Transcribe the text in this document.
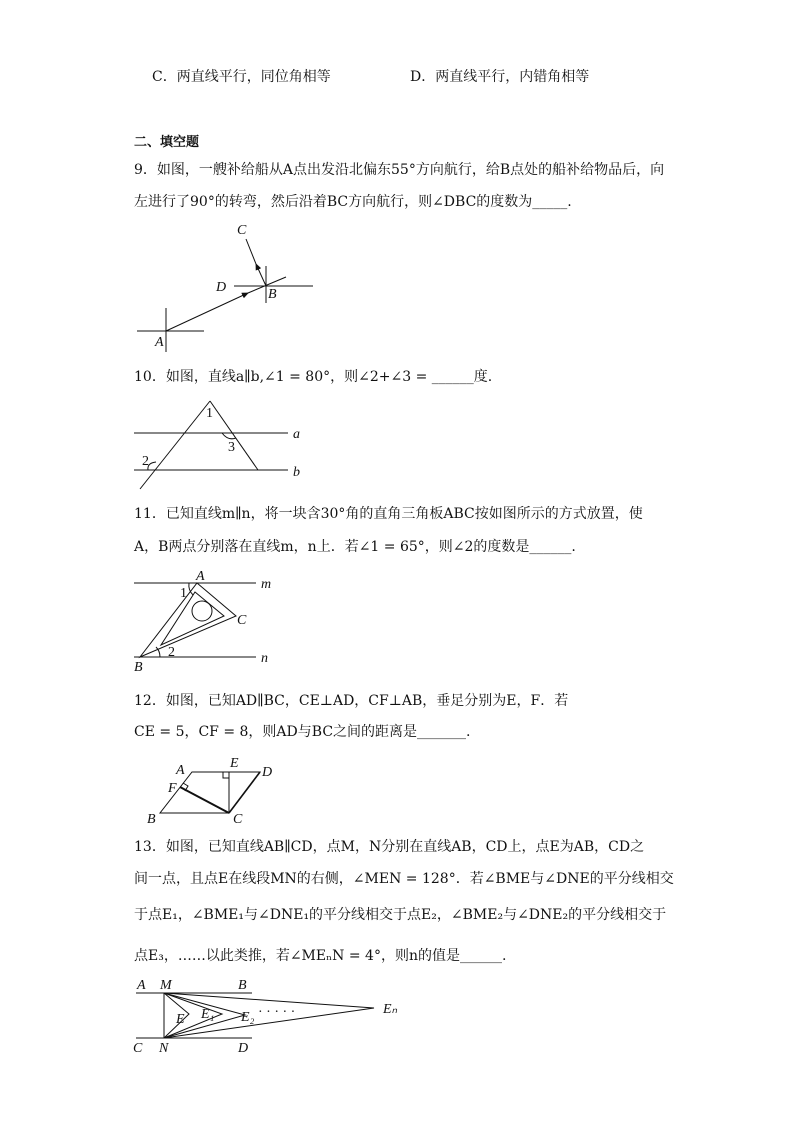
C．两直线平行，同位角相等	D．两直线平行，内错角相等
二、填空题
9．如图，一艘补给船从A点出发沿北偏东55°方向航行，给B点处的船补给物品后，向
左进行了90°的转弯，然后沿着BC方向航行，则∠DBC的度数为_____.
A
B
C
D
10．如图，直线a∥b,∠1 = 80°，则∠2+∠3 = ______度.
1
3
2
a
b
11．已知直线m∥n，将一块含30°角的直角三角板ABC按如图所示的方式放置，使
A，B两点分别落在直线m，n上．若∠1 = 65°，则∠2的度数是______.
A
1
C
2
B
m
n
12．如图，已知AD∥BC，CE⊥AD，CF⊥AB，垂足分别为E，F．若
CE = 5，CF = 8，则AD与BC之间的距离是_______.
A	E
D
F
B	C
13．如图，已知直线AB∥CD，点M，N分别在直线AB，CD上，点E为AB，CD之
间一点，且点E在线段MN的右侧，∠MEN = 128°．若∠BME与∠DNE的平分线相交
于点E₁，∠BME₁与∠DNE₁的平分线相交于点E₂，∠BME₂与∠DNE₂的平分线相交于
点E₃，……以此类推，若∠MEₙN = 4°，则n的值是______.
A M	B
E E₁ E₂ · · · · ·	Eₙ
C N	D
